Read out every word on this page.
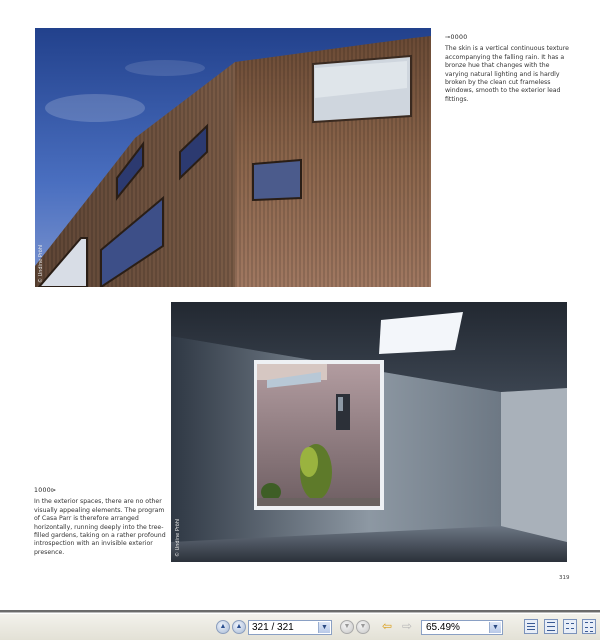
© Undine Pröhl
⊸0000
The skin is a vertical continuous texture accompanying the falling rain. It has a bronze hue that changes with the varying natural lighting and is hardly broken by the clean cut frameless windows, smooth to the exterior lead fittings.
© Undine Pröhl
1000⊳
In the exterior spaces, there are no other visually appealing elements. The program of Casa Parr is therefore arranged horizontally, running deeply into the tree-filled gardens, taking on a rather profound introspection with an invisible exterior presence.
319
▲	▲	▼	▼
321 / 321	▼	⇦ ⇨	65.49%	▼
